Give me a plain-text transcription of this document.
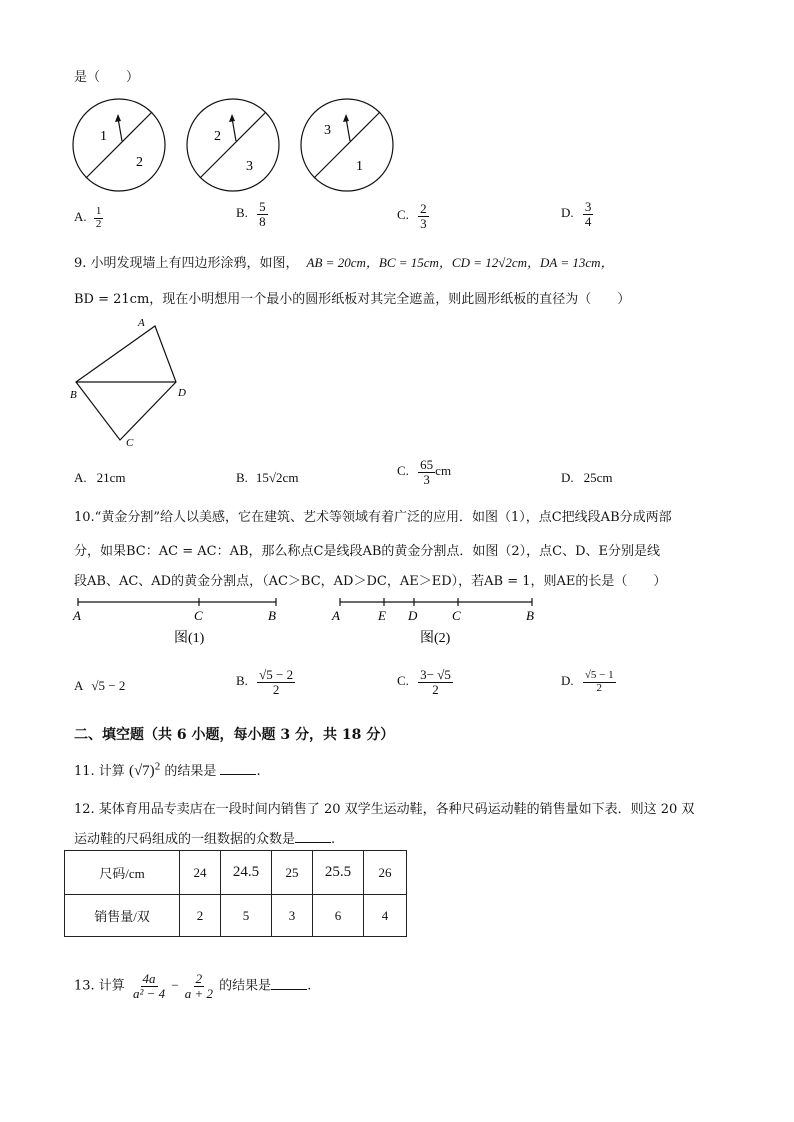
是（　　）
1
2
2
3
3
1
A. $\frac{1}{2}$	B. $\frac{5}{8}$	C. $\frac{2}{3}$	D. $\frac{3}{4}$
9. 小明发现墙上有四边形涂鸦，如图， AB = 20cm，BC = 15cm，CD = 12√2cm，DA = 13cm，
BD = 21cm，现在小明想用一个最小的圆形纸板对其完全遮盖，则此圆形纸板的直径为（　　）
A
B	D
C
A. 21cm	B. 15√2cm	C. $\frac{65}{3}$ cm	D. 25cm
10.“黄金分割”给人以美感，它在建筑、艺术等领域有着广泛的应用．如图（1），点C把线段AB分成两部
分，如果BC：AC = AC：AB，那么称点C是线段AB的黄金分割点．如图（2），点C、D、E分别是线
段AB、AC、AD的黄金分割点，（AC＞BC，AD＞DC，AE＞ED），若AB = 1，则AE的长是（　　）
A	C	B
图(1)
A	E D	C	B
图(2)
A √5 − 2	B. $\frac{√5 - 2}{2}$	C. $\frac{3- √5}{2}$	D. $\frac{√5 - 1}{2}$
二、填空题（共 6 小题，每小题 3 分，共 18 分）
11. 计算 $(√7)^2$ 的结果是	.
12. 某体育用品专卖店在一段时间内销售了 20 双学生运动鞋，各种尺码运动鞋的销售量如下表．则这 20 双
运动鞋的尺码组成的一组数据的众数是	.
尺码/cm	24	24.5	25	25.5	26
销售量/双	2	5	3	6	4
13. 计算 $\frac{4a}{\text{a² − 4}} - \frac{2}{a + 2}$ 的结果是	.
